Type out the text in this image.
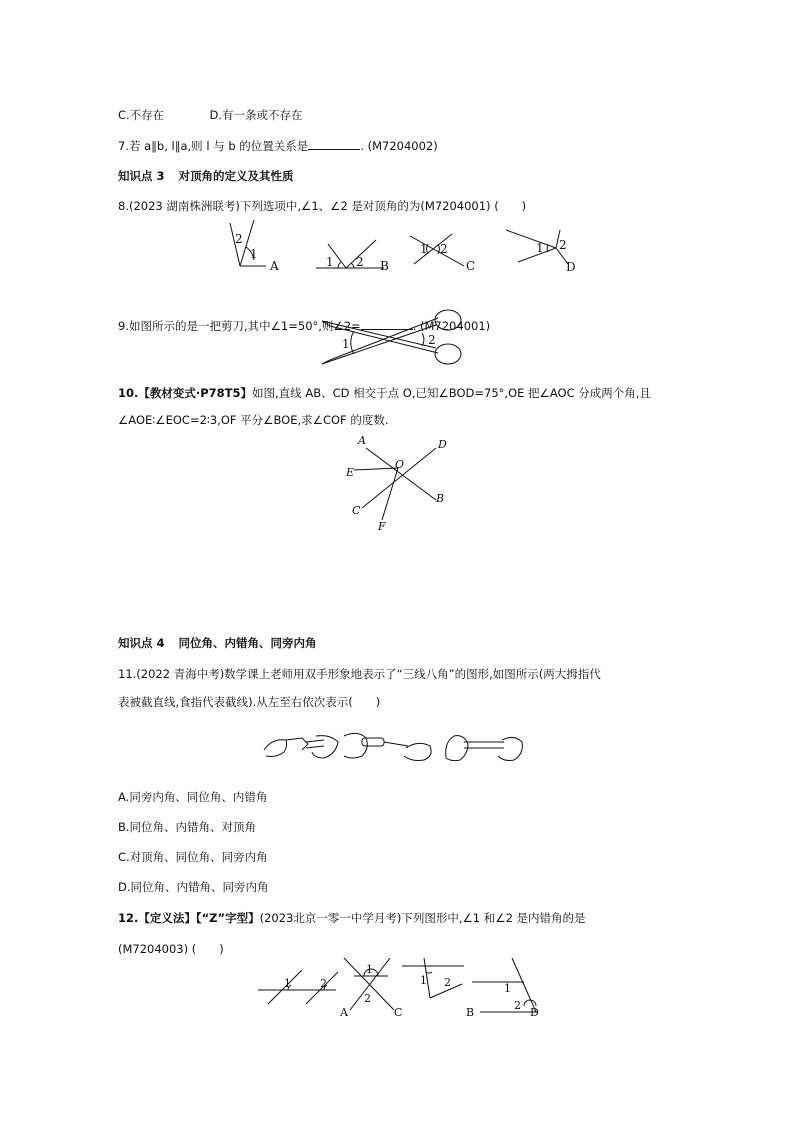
C.不存在	D.有一条或不存在
7.若 a∥b, l∥a,则 l 与 b 的位置关系是	. (M7204002)
知识点 3 对顶角的定义及其性质
8.(2023 湖南株洲联考)下列选项中,∠1、∠2 是对顶角的为(M7204001) (　　)
2
1
A	1 2 B
1 2
C
1 2
D
9.如图所示的是一把剪刀,其中∠1=50°,则∠2=	. (M7204001)
1	2
10.【教材变式·P78T5】如图,直线 AB、CD 相交于点 O,已知∠BOD=75°,OE 把∠AOC 分成两个角,且
∠AOE∶∠EOC=2∶3,OF 平分∠BOE,求∠COF 的度数.
A	D
E
O
B
C
F
知识点 4 同位角、内错角、同旁内角
11.(2022 青海中考)数学课上老师用双手形象地表示了“三线八角”的图形,如图所示(两大拇指代
表被截直线,食指代表截线).从左至右依次表示(　　)
A.同旁内角、同位角、内错角
B.同位角、内错角、对顶角
C.对顶角、同位角、同旁内角
D.同位角、内错角、同旁内角
12.【定义法】【“Z”字型】(2023北京一零一中学月考)下列图形中,∠1 和∠2 是内错角的是
(M7204003) (　　)
1	2
1
2
A	C
1 2	1
2
B	D
